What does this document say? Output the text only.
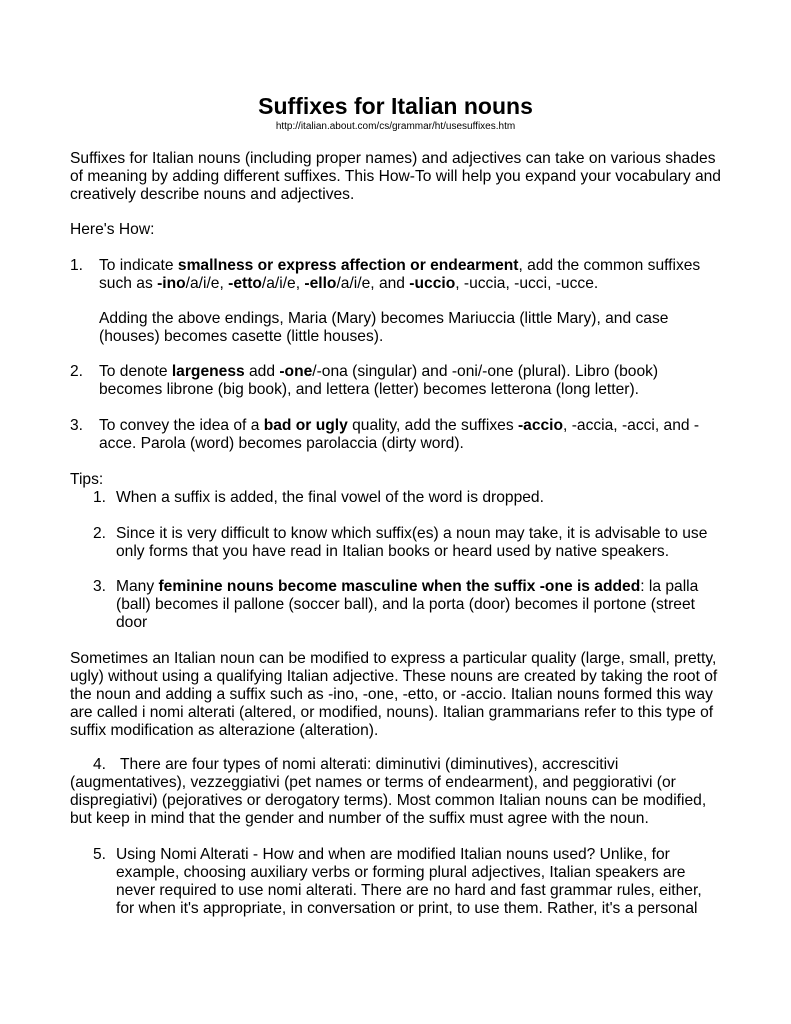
Suffixes for Italian nouns
http://italian.about.com/cs/grammar/ht/usesuffixes.htm

Suffixes for Italian nouns (including proper names) and adjectives can take on various shades of meaning by adding different suffixes. This How-To will help you expand your vocabulary and creatively describe nouns and adjectives.

Here's How:

1. To indicate smallness or express affection or endearment, add the common suffixes such as -ino/a/i/e, -etto/a/i/e, -ello/a/i/e, and -uccio, -uccia, -ucci, -ucce.

Adding the above endings, Maria (Mary) becomes Mariuccia (little Mary), and case (houses) becomes casette (little houses).

2. To denote largeness add -one/-ona (singular) and -oni/-one (plural). Libro (book) becomes librone (big book), and lettera (letter) becomes letterona (long letter).

3. To convey the idea of a bad or ugly quality, add the suffixes -accio, -accia, -acci, and - acce. Parola (word) becomes parolaccia (dirty word).

Tips:

1. When a suffix is added, the final vowel of the word is dropped.

2. Since it is very difficult to know which suffix(es) a noun may take, it is advisable to use only forms that you have read in Italian books or heard used by native speakers.

3. Many feminine nouns become masculine when the suffix -one is added: la palla (ball) becomes il pallone (soccer ball), and la porta (door) becomes il portone (street door

Sometimes an Italian noun can be modified to express a particular quality (large, small, pretty, ugly) without using a qualifying Italian adjective. These nouns are created by taking the root of the noun and adding a suffix such as -ino, -one, -etto, or -accio. Italian nouns formed this way are called i nomi alterati (altered, or modified, nouns). Italian grammarians refer to this type of suffix modification as alterazione (alteration).

4. There are four types of nomi alterati: diminutivi (diminutives), accrescitivi (augmentatives), vezzeggiativi (pet names or terms of endearment), and peggiorativi (or dispregiativi) (pejoratives or derogatory terms). Most common Italian nouns can be modified, but keep in mind that the gender and number of the suffix must agree with the noun.

5. Using Nomi Alterati - How and when are modified Italian nouns used? Unlike, for example, choosing auxiliary verbs or forming plural adjectives, Italian speakers are never required to use nomi alterati. There are no hard and fast grammar rules, either, for when it's appropriate, in conversation or print, to use them. Rather, it's a personal
